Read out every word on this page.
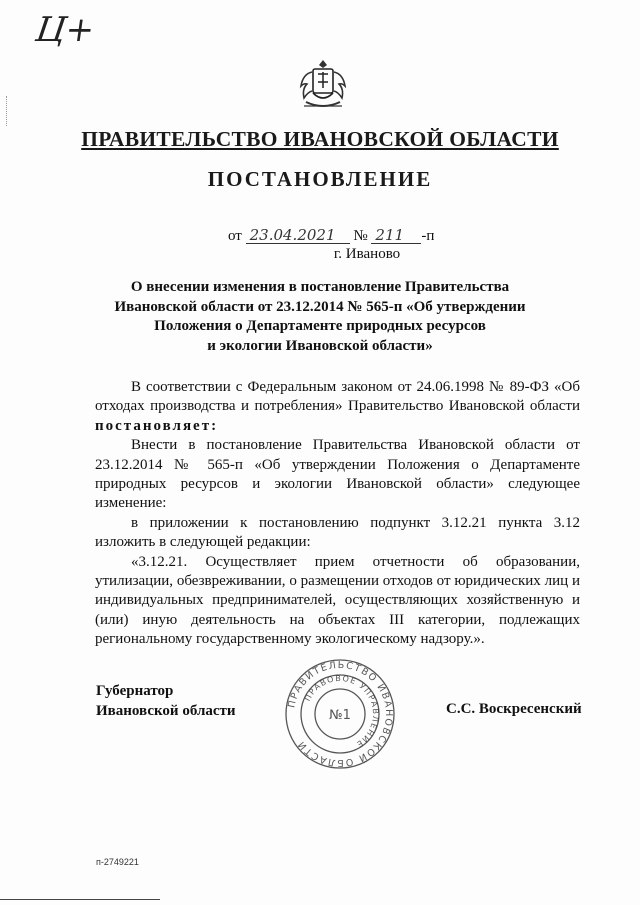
Ц+
ПРАВИТЕЛЬСТВО ИВАНОВСКОЙ ОБЛАСТИ
ПОСТАНОВЛЕНИЕ
от 23.04.2021 № 211 -п
г. Иваново
О внесении изменения в постановление Правительства
Ивановской области от 23.12.2014 № 565-п «Об утверждении
Положения о Департаменте природных ресурсов
и экологии Ивановской области»

В соответствии с Федеральным законом от 24.06.1998 № 89-ФЗ «Об отходах производства и потребления» Правительство Ивановской области постановляет:

Внести в постановление Правительства Ивановской области от 23.12.2014 № 565-п «Об утверждении Положения о Департаменте природных ресурсов и экологии Ивановской области» следующее изменение:

в приложении к постановлению подпункт 3.12.21 пункта 3.12 изложить в следующей редакции:

«3.12.21. Осуществляет прием отчетности об образовании, утилизации, обезвреживании, о размещении отходов от юридических лиц и индивидуальных предпринимателей, осуществляющих хозяйственную и (или) иную деятельность на объектах III категории, подлежащих региональному государственному экологическому надзору.».

Губернатор
Ивановской области	С.С. Воскресенский
ПРАВИТЕЛЬСТВО ИВАНОВСКОЙ ОБЛАСТИ
ПРАВОВОЕ УПРАВЛЕНИЕ
№1
п-2749221
